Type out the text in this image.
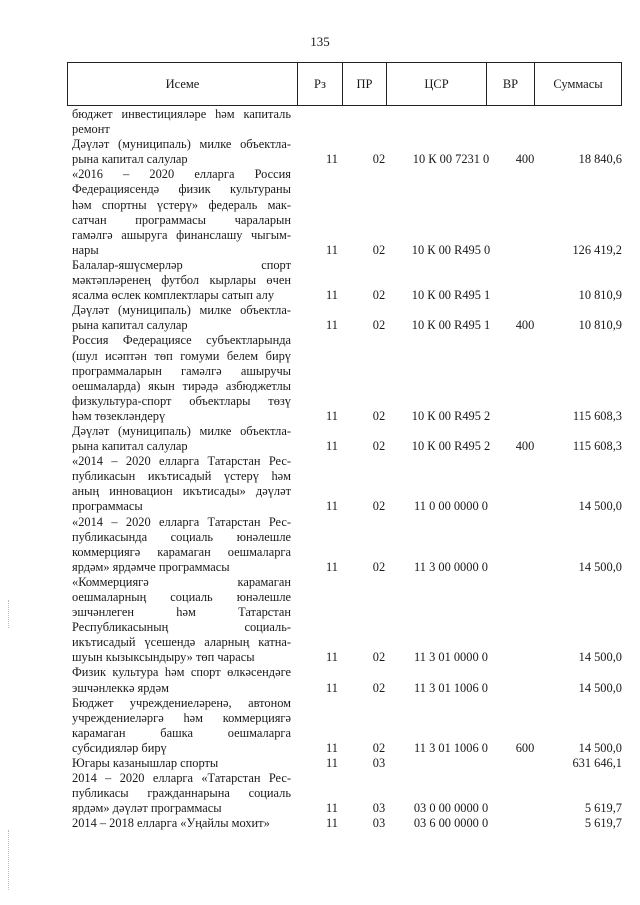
135
Исеме	Рз	ПР	ЦСР	ВР	Суммасы
бюджет инвестицияләре һәм капиталь
ремонт
Дәүләт (муниципаль) милке объектла-
рына капитал салулар	11	02	10 К 00 7231 0	400	18 840,6
«2016 – 2020 елларга Россия
Федерациясендә физик культураны
һәм спортны үстерү» федераль мак-
сатчан программасы чараларын
гамәлгә ашыруга финанслашу чыгым-
нары	11	02	10 К 00 R495 0	126 419,2
Балалар-яшүсмерләр спорт
мәктәпләренең футбол кырлары өчен
ясалма өслек комплектлары сатып алу	11	02	10 К 00 R495 1	10 810,9
Дәүләт (муниципаль) милке объектла-
рына капитал салулар	11	02	10 К 00 R495 1	400	10 810,9
Россия Федерациясе субъектларында
(шул исәптән төп гомуми белем бирү
программаларын гамәлгә ашыручы
оешмаларда) якын тирәдә азбюджетлы
физкультура-спорт объектлары төзү
һәм төзекләндерү	11	02	10 К 00 R495 2	115 608,3
Дәүләт (муниципаль) милке объектла-
рына капитал салулар	11	02	10 К 00 R495 2	400	115 608,3
«2014 – 2020 елларга Татарстан Рес-
публикасын икътисадый үстерү һәм
аның инновацион икътисады» дәүләт
программасы	11	02	11 0 00 0000 0	14 500,0
«2014 – 2020 елларга Татарстан Рес-
публикасында социаль юнәлешле
коммерциягә карамаган оешмаларга
ярдәм» ярдәмче программасы	11	02	11 3 00 0000 0	14 500,0
«Коммерциягә карамаган
оешмаларның социаль юнәлешле
эшчәнлеген һәм Татарстан
Республикасының социаль-
икътисадый үсешендә аларның катна-
шуын кызыксындыру» төп чарасы	11	02	11 3 01 0000 0	14 500,0
Физик культура һәм спорт өлкәсендәге
эшчәнлеккә ярдәм	11	02	11 3 01 1006 0	14 500,0
Бюджет учреждениеләренә, автоном
учреждениеләргә һәм коммерциягә
карамаган башка оешмаларга
субсидияләр бирү	11	02	11 3 01 1006 0	600	14 500,0
Югары казанышлар спорты	11	03	631 646,1
2014 – 2020 елларга «Татарстан Рес-
публикасы гражданнарына социаль
ярдәм» дәүләт программасы	11	03	03 0 00 0000 0	5 619,7
2014 – 2018 елларга «Уңайлы мохит»	11	03	03 6 00 0000 0	5 619,7
